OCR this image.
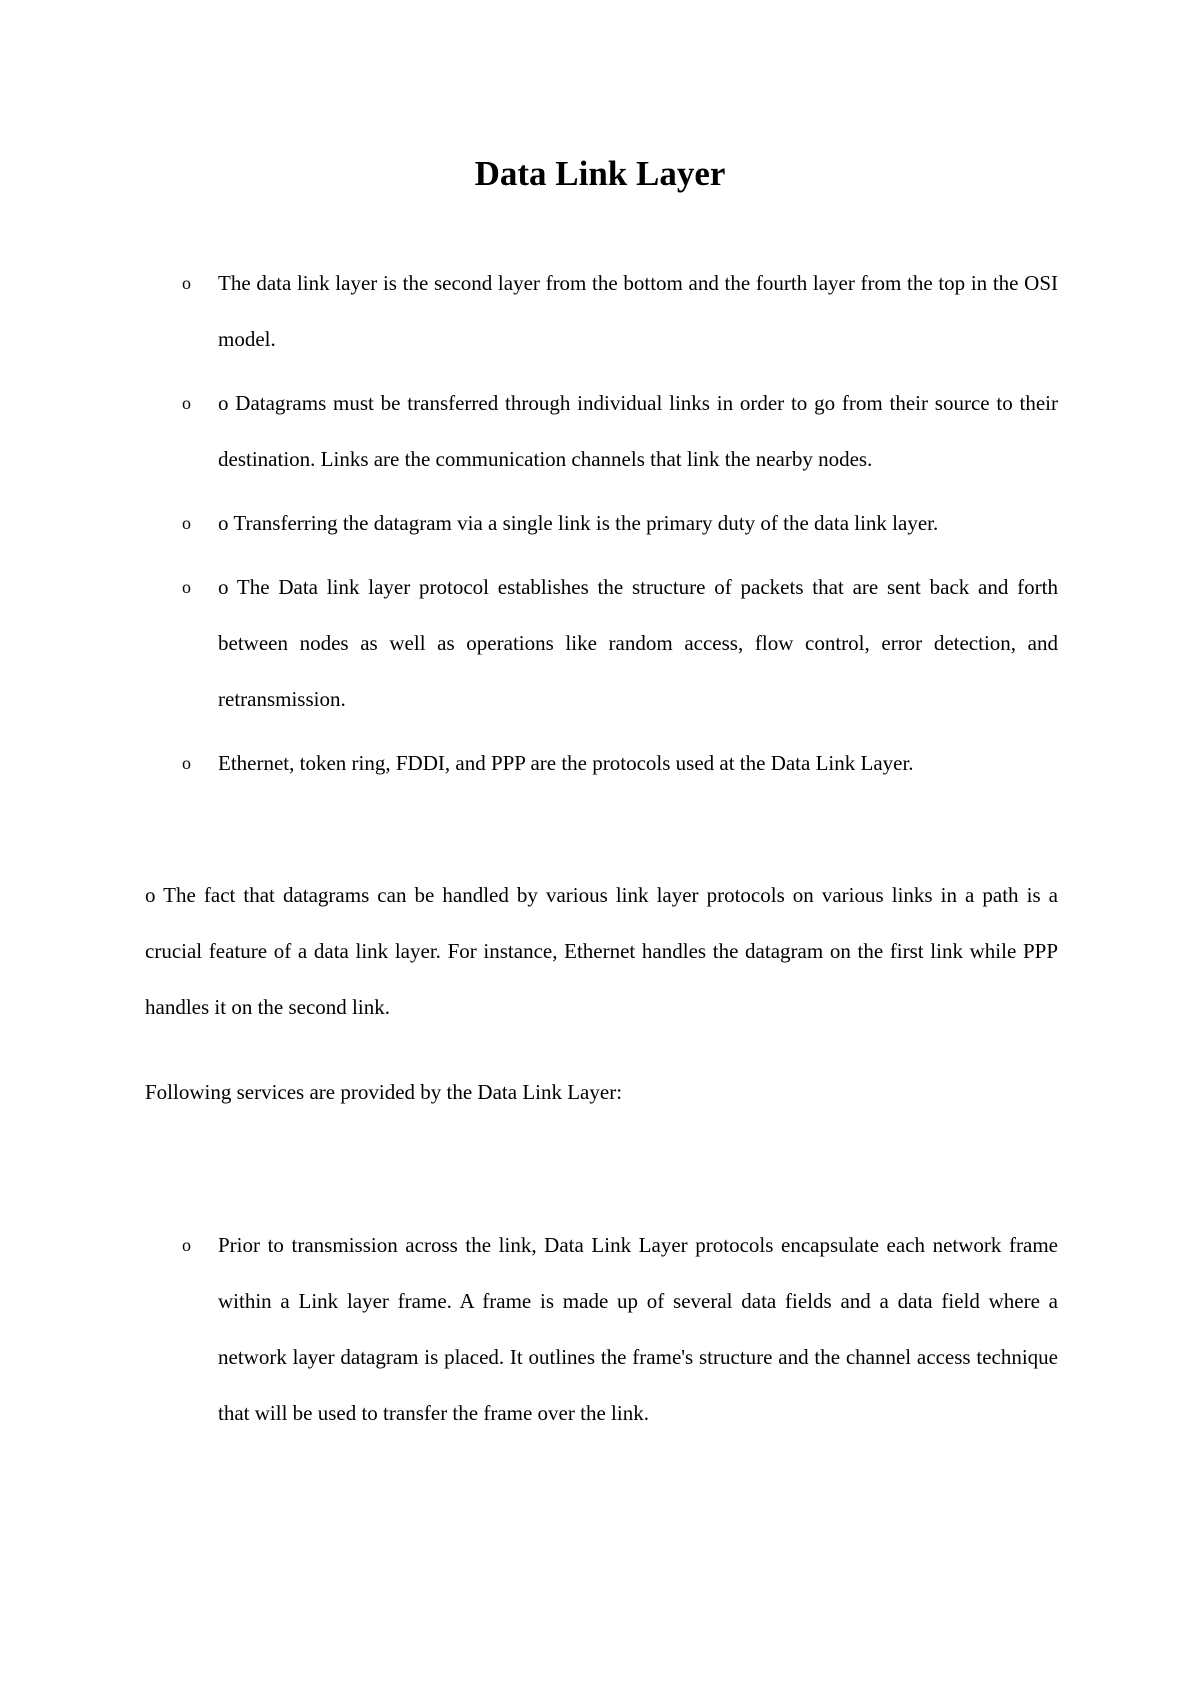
Data Link Layer
o The data link layer is the second layer from the bottom and the fourth layer from the top in the OSI model.
o o Datagrams must be transferred through individual links in order to go from their source to their destination. Links are the communication channels that link the nearby nodes.
o o Transferring the datagram via a single link is the primary duty of the data link layer.
o o The Data link layer protocol establishes the structure of packets that are sent back and forth between nodes as well as operations like random access, flow control, error detection, and retransmission.
o Ethernet, token ring, FDDI, and PPP are the protocols used at the Data Link Layer.

o The fact that datagrams can be handled by various link layer protocols on various links in a path is a crucial feature of a data link layer. For instance, Ethernet handles the datagram on the first link while PPP handles it on the second link.

Following services are provided by the Data Link Layer:

o Prior to transmission across the link, Data Link Layer protocols encapsulate each network frame within a Link layer frame. A frame is made up of several data fields and a data field where a network layer datagram is placed. It outlines the frame's structure and the channel access technique that will be used to transfer the frame over the link.
